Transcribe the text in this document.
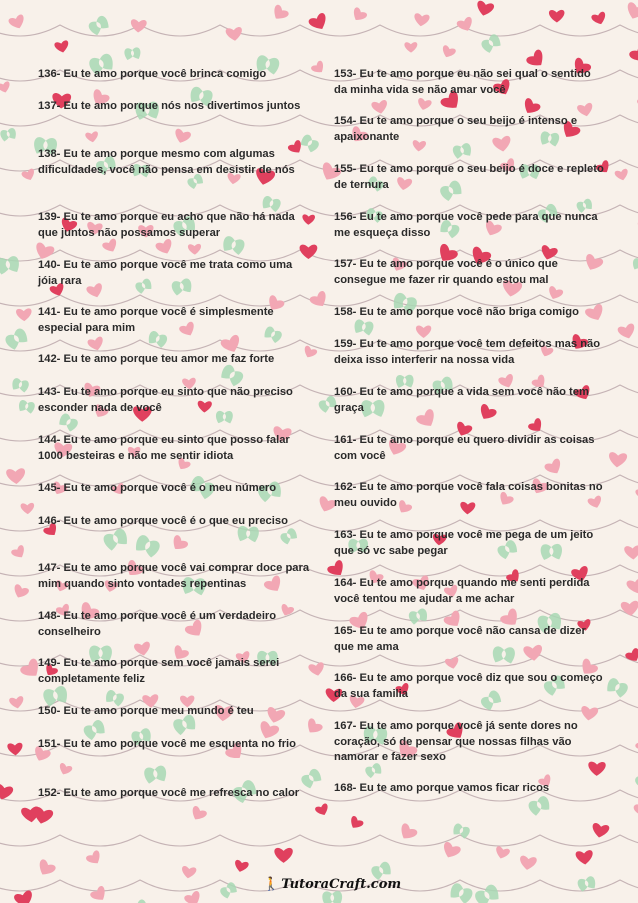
136- Eu te amo porque você brinca comigo

137- Eu te amo porque nós nos divertimos juntos

138- Eu te amo porque mesmo com algumas dificuldades, você não pensa em desistir de nós

139- Eu te amo porque eu acho que não há nada que juntos não possamos superar

140- Eu te amo porque você me trata como uma jóia rara

141- Eu te amo porque você é simplesmente especial para mim

142- Eu te amo porque teu amor me faz forte

143- Eu te amo porque eu sinto que não preciso esconder nada de você

144- Eu te amo porque eu sinto que posso falar 1000 besteiras e não me sentir idiota

145- Eu te amo porque você é o meu número

146- Eu te amo porque você é o que eu preciso

147- Eu te amo porque você vai comprar doce para mim quando sinto vontades repentinas

148- Eu te amo porque você é um verdadeiro conselheiro

149- Eu te amo porque sem você jamais serei completamente feliz

150- Eu te amo porque meu mundo é teu

151- Eu te amo porque você me esquenta no frio

152- Eu te amo porque você me refresca no calor

153- Eu te amo porque eu não sei qual o sentido da minha vida se não amar você

154- Eu te amo porque o seu beijo é intenso e apaixonante

155- Eu te amo porque o seu beijo é doce e repleto de ternura

156- Eu te amo porque você pede para que nunca me esqueça disso

157- Eu te amo porque você é o único que consegue me fazer rir quando estou mal

158- Eu te amo porque você não briga comigo

159- Eu te amo porque você tem defeitos mas não deixa isso interferir na nossa vida

160- Eu te amo porque a vida sem você não tem graça

161- Eu te amo porque eu quero dividir as coisas com você

162- Eu te amo porque você fala coisas bonitas no meu ouvido

163- Eu te amo porque você me pega de um jeito que só vc sabe pegar

164- Eu te amo porque quando me senti perdida você tentou me ajudar a me achar

165- Eu te amo porque você não cansa de dizer que me ama

166- Eu te amo porque você diz que sou o começo da sua familia

167- Eu te amo porque você já sente dores no coração, só de pensar que nossas filhas vão namorar e fazer sexo

168- Eu te amo porque vamos ficar ricos

🚶 TutoraCraft.com
